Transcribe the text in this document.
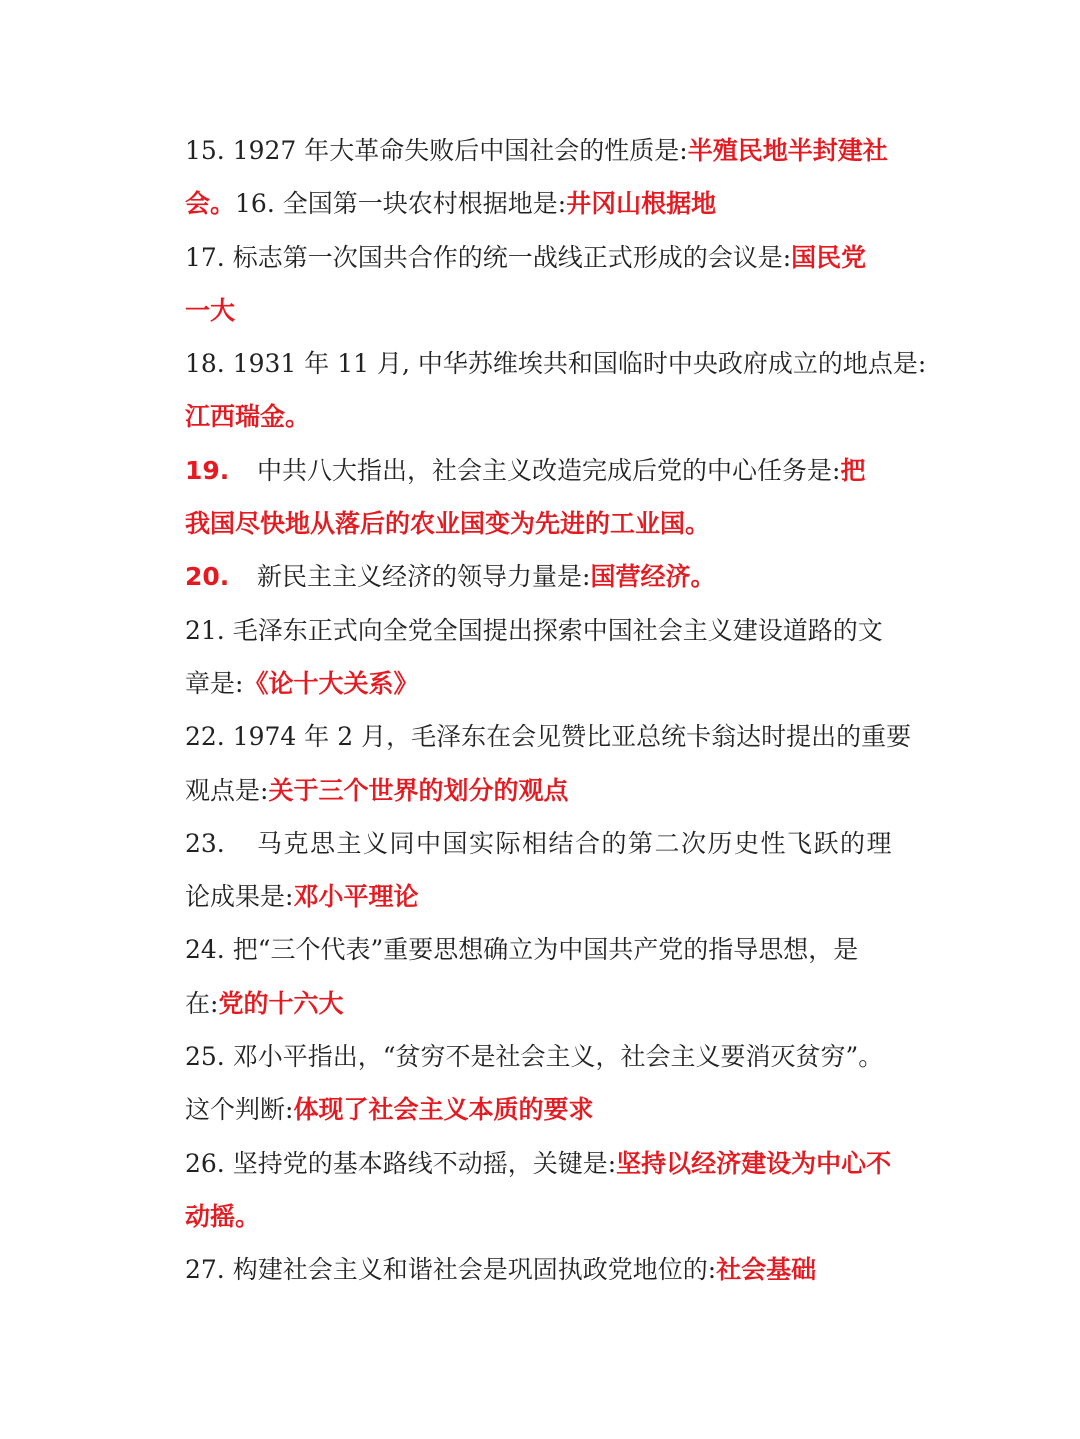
15. 1927 年大革命失败后中国社会的性质是:半殖民地半封建社
会。16. 全国第一块农村根据地是:井冈山根据地
17. 标志第一次国共合作的统一战线正式形成的会议是:国民党
一大
18. 1931 年 11 月, 中华苏维埃共和国临时中央政府成立的地点是:
江西瑞金。
19. 中共八大指出，社会主义改造完成后党的中心任务是:把
我国尽快地从落后的农业国变为先进的工业国。
20. 新民主主义经济的领导力量是:国营经济。
21. 毛泽东正式向全党全国提出探索中国社会主义建设道路的文
章是:《论十大关系》
22. 1974 年 2 月，毛泽东在会见赞比亚总统卡翁达时提出的重要
观点是:关于三个世界的划分的观点
23. 马克思主义同中国实际相结合的第二次历史性飞跃的理
论成果是:邓小平理论
24. 把“三个代表”重要思想确立为中国共产党的指导思想，是
在:党的十六大
25. 邓小平指出，“贫穷不是社会主义，社会主义要消灭贫穷”。
这个判断:体现了社会主义本质的要求
26. 坚持党的基本路线不动摇，关键是:坚持以经济建设为中心不
动摇。
27. 构建社会主义和谐社会是巩固执政党地位的:社会基础
